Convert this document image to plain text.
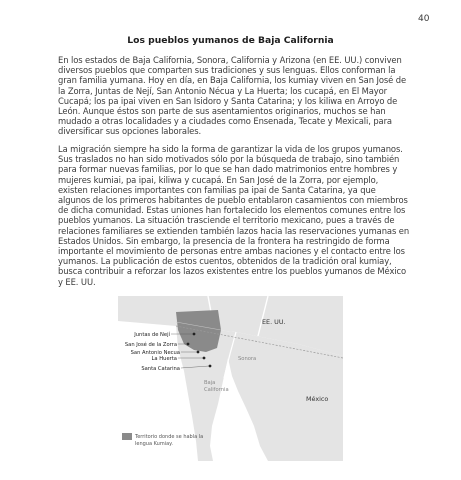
40
Los pueblos yumanos de Baja California

En los estados de Baja California, Sonora, California y Arizona (en EE. UU.) conviven diversos pueblos que comparten sus tradiciones y sus lenguas. Ellos conforman la gran familia yumana. Hoy en día, en Baja California, los kumiay viven en San José de la Zorra, Juntas de Nejí, San Antonio Nécua y La Huerta; los cucapá, en El Mayor Cucapá; los pa ipai viven en San Isidoro y Santa Catarina; y los kiliwa en Arroyo de León. Aunque éstos son parte de sus asentamientos originarios, muchos se han mudado a otras localidades y a ciudades como Ensenada, Tecate y Mexicali, para diversificar sus opciones laborales.

La migración siempre ha sido la forma de garantizar la vida de los grupos yumanos. Sus traslados no han sido motivados sólo por la búsqueda de trabajo, sino también para formar nuevas familias, por lo que se han dado matrimonios entre hombres y mujeres kumiai, pa ipai, kiliwa y cucapá. En San José de la Zorra, por ejemplo, existen relaciones importantes con familias pa ipai de Santa Catarina, ya que algunos de los primeros habitantes de pueblo entablaron casamientos con miembros de dicha comunidad. Estas uniones han fortalecido los elementos comunes entre los pueblos yumanos. La situación trasciende el territorio mexicano, pues a través de relaciones familiares se extienden también lazos hacia las reservaciones yumanas en Estados Unidos. Sin embargo, la presencia de la frontera ha restringido de forma importante el movimiento de personas entre ambas naciones y el contacto entre los yumanos. La publicación de estos cuentos, obtenidos de la tradición oral kumiay, busca contribuir a reforzar los lazos existentes entre los pueblos yumanos de México y EE. UU.

Juntas de Nejí
San José de la Zorra
San Antonio Necua
La Huerta
Santa Catarina
EE. UU.
México
Sonora
Baja
California
Territorio donde se habla la
lengua Kumiay.
